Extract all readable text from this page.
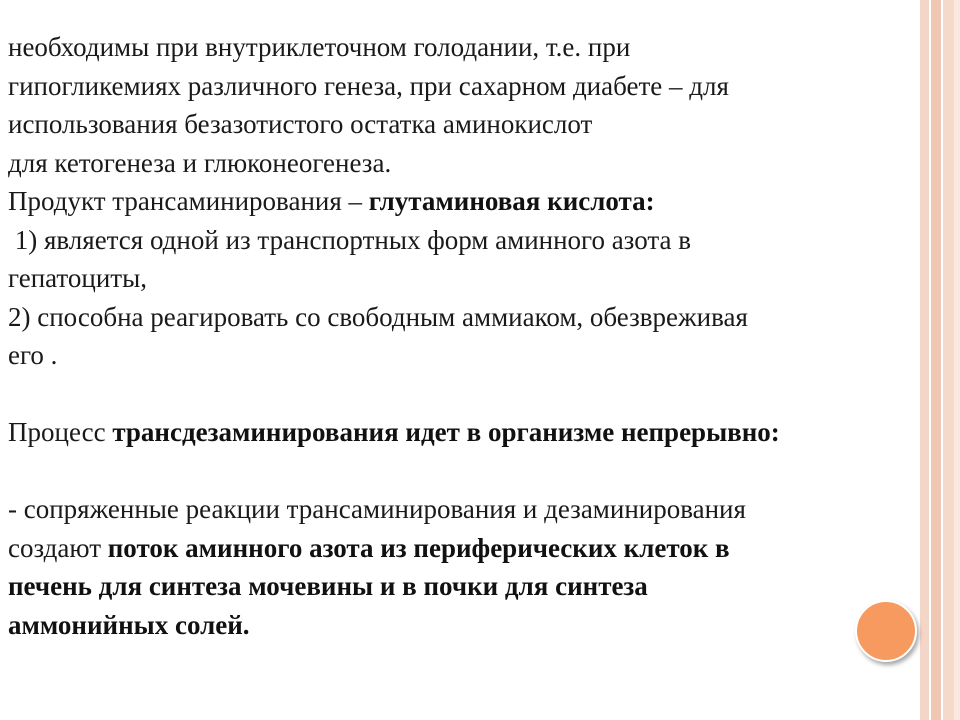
необходимы при внутриклеточном голодании, т.е. при

гипогликемиях различного генеза, при сахарном диабете – для

использования безазотистого остатка аминокислот

для кетогенеза и глюконеогенеза.

Продукт трансаминирования – глутаминовая кислота:

1) является одной из транспортных форм аминного азота в

гепатоциты,

2) способна реагировать со свободным аммиаком, обезвреживая

его .

Процесс трансдезаминирования идет в организме непрерывно:

- сопряженные реакции трансаминирования и дезаминирования

создают поток аминного азота из периферических клеток в

печень для синтеза мочевины и в почки для синтеза

аммонийных солей.
